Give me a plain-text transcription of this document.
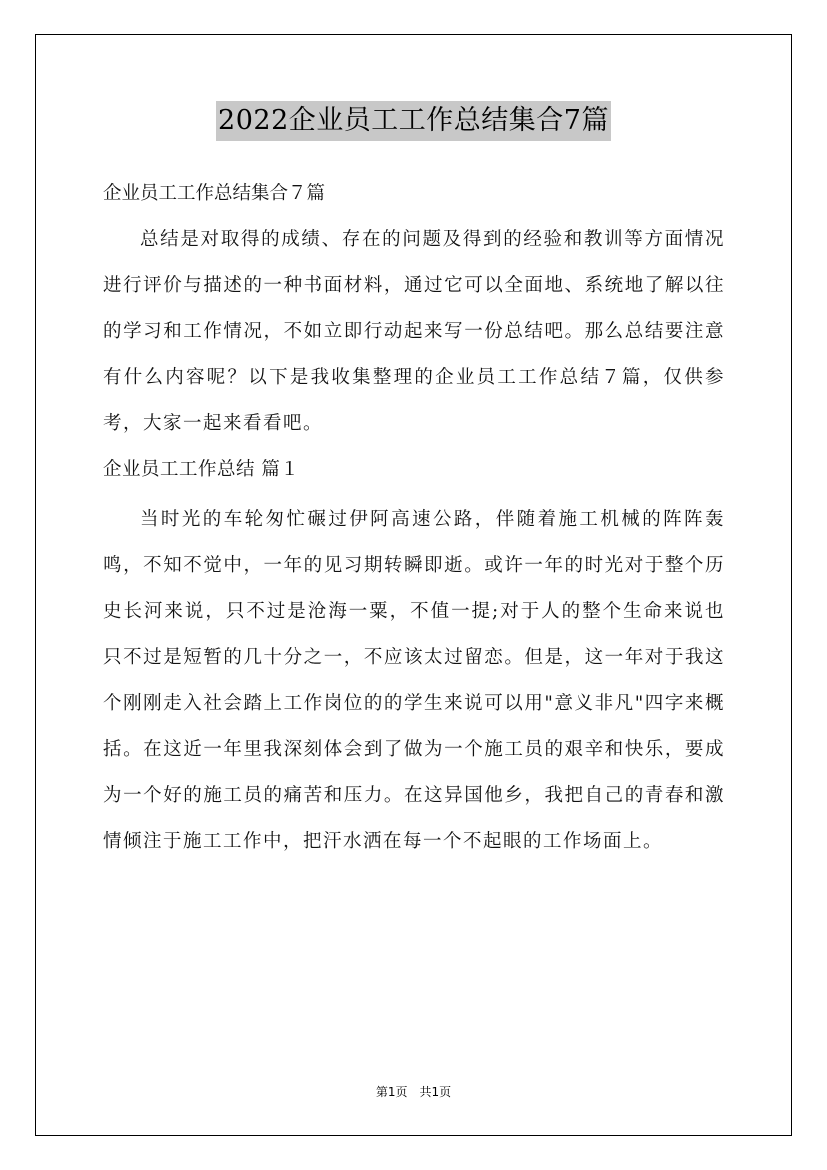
2022企业员工工作总结集合7篇
企业员工工作总结集合７篇

总结是对取得的成绩、存在的问题及得到的经验和教训等方面情况进行评价与描述的一种书面材料，通过它可以全面地、系统地了解以往的学习和工作情况，不如立即行动起来写一份总结吧。那么总结要注意有什么内容呢？以下是我收集整理的企业员工工作总结７篇，仅供参考，大家一起来看看吧。

企业员工工作总结 篇１

当时光的车轮匆忙碾过伊阿高速公路，伴随着施工机械的阵阵轰鸣，不知不觉中，一年的见习期转瞬即逝。或许一年的时光对于整个历史长河来说，只不过是沧海一粟，不值一提;对于人的整个生命来说也只不过是短暂的几十分之一，不应该太过留恋。但是，这一年对于我这个刚刚走入社会踏上工作岗位的的学生来说可以用"意义非凡"四字来概括。在这近一年里我深刻体会到了做为一个施工员的艰辛和快乐，要成为一个好的施工员的痛苦和压力。在这异国他乡，我把自己的青春和激情倾注于施工工作中，把汗水洒在每一个不起眼的工作场面上。

第1页　共1页
